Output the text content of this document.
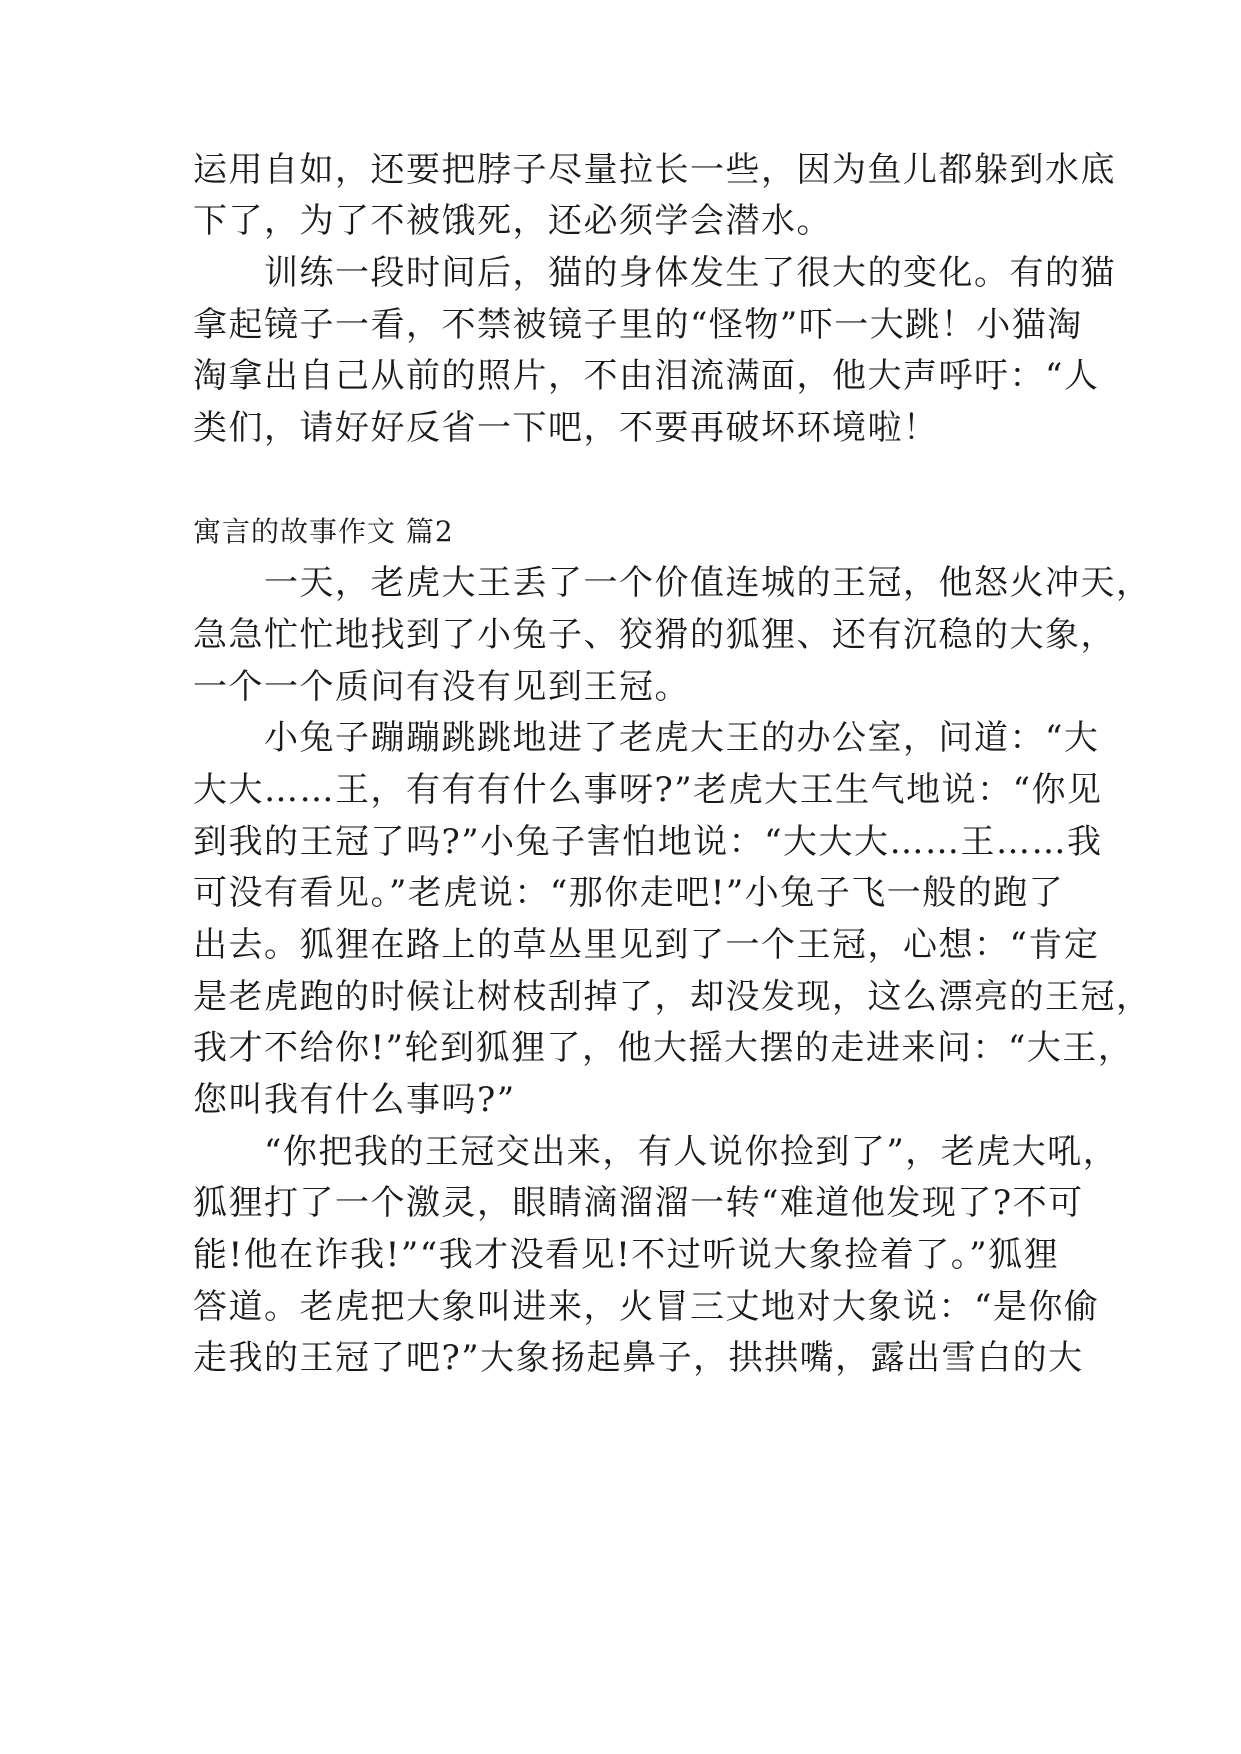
运用自如，还要把脖子尽量拉长一些，因为鱼儿都躲到水底
下了，为了不被饿死，还必须学会潜水。
　　训练一段时间后，猫的身体发生了很大的变化。有的猫
拿起镜子一看，不禁被镜子里的“怪物”吓一大跳！小猫淘
淘拿出自己从前的照片，不由泪流满面，他大声呼吁：“人
类们，请好好反省一下吧，不要再破坏环境啦！
寓言的故事作文 篇2
　　一天，老虎大王丢了一个价值连城的王冠，他怒火冲天，
急急忙忙地找到了小兔子、狡猾的狐狸、还有沉稳的大象，
一个一个质问有没有见到王冠。
　　小兔子蹦蹦跳跳地进了老虎大王的办公室，问道：“大
大大……王，有有有什么事呀?”老虎大王生气地说：“你见
到我的王冠了吗?”小兔子害怕地说：“大大大……王……我
可没有看见。”老虎说：“那你走吧!”小兔子飞一般的跑了
出去。狐狸在路上的草丛里见到了一个王冠，心想：“肯定
是老虎跑的时候让树枝刮掉了，却没发现，这么漂亮的王冠，
我才不给你!”轮到狐狸了，他大摇大摆的走进来问：“大王，
您叫我有什么事吗?”
　　“你把我的王冠交出来，有人说你捡到了”，老虎大吼，
狐狸打了一个激灵，眼睛滴溜溜一转“难道他发现了?不可
能!他在诈我!”“我才没看见!不过听说大象捡着了。”狐狸
答道。老虎把大象叫进来，火冒三丈地对大象说：“是你偷
走我的王冠了吧?”大象扬起鼻子，拱拱嘴，露出雪白的大
